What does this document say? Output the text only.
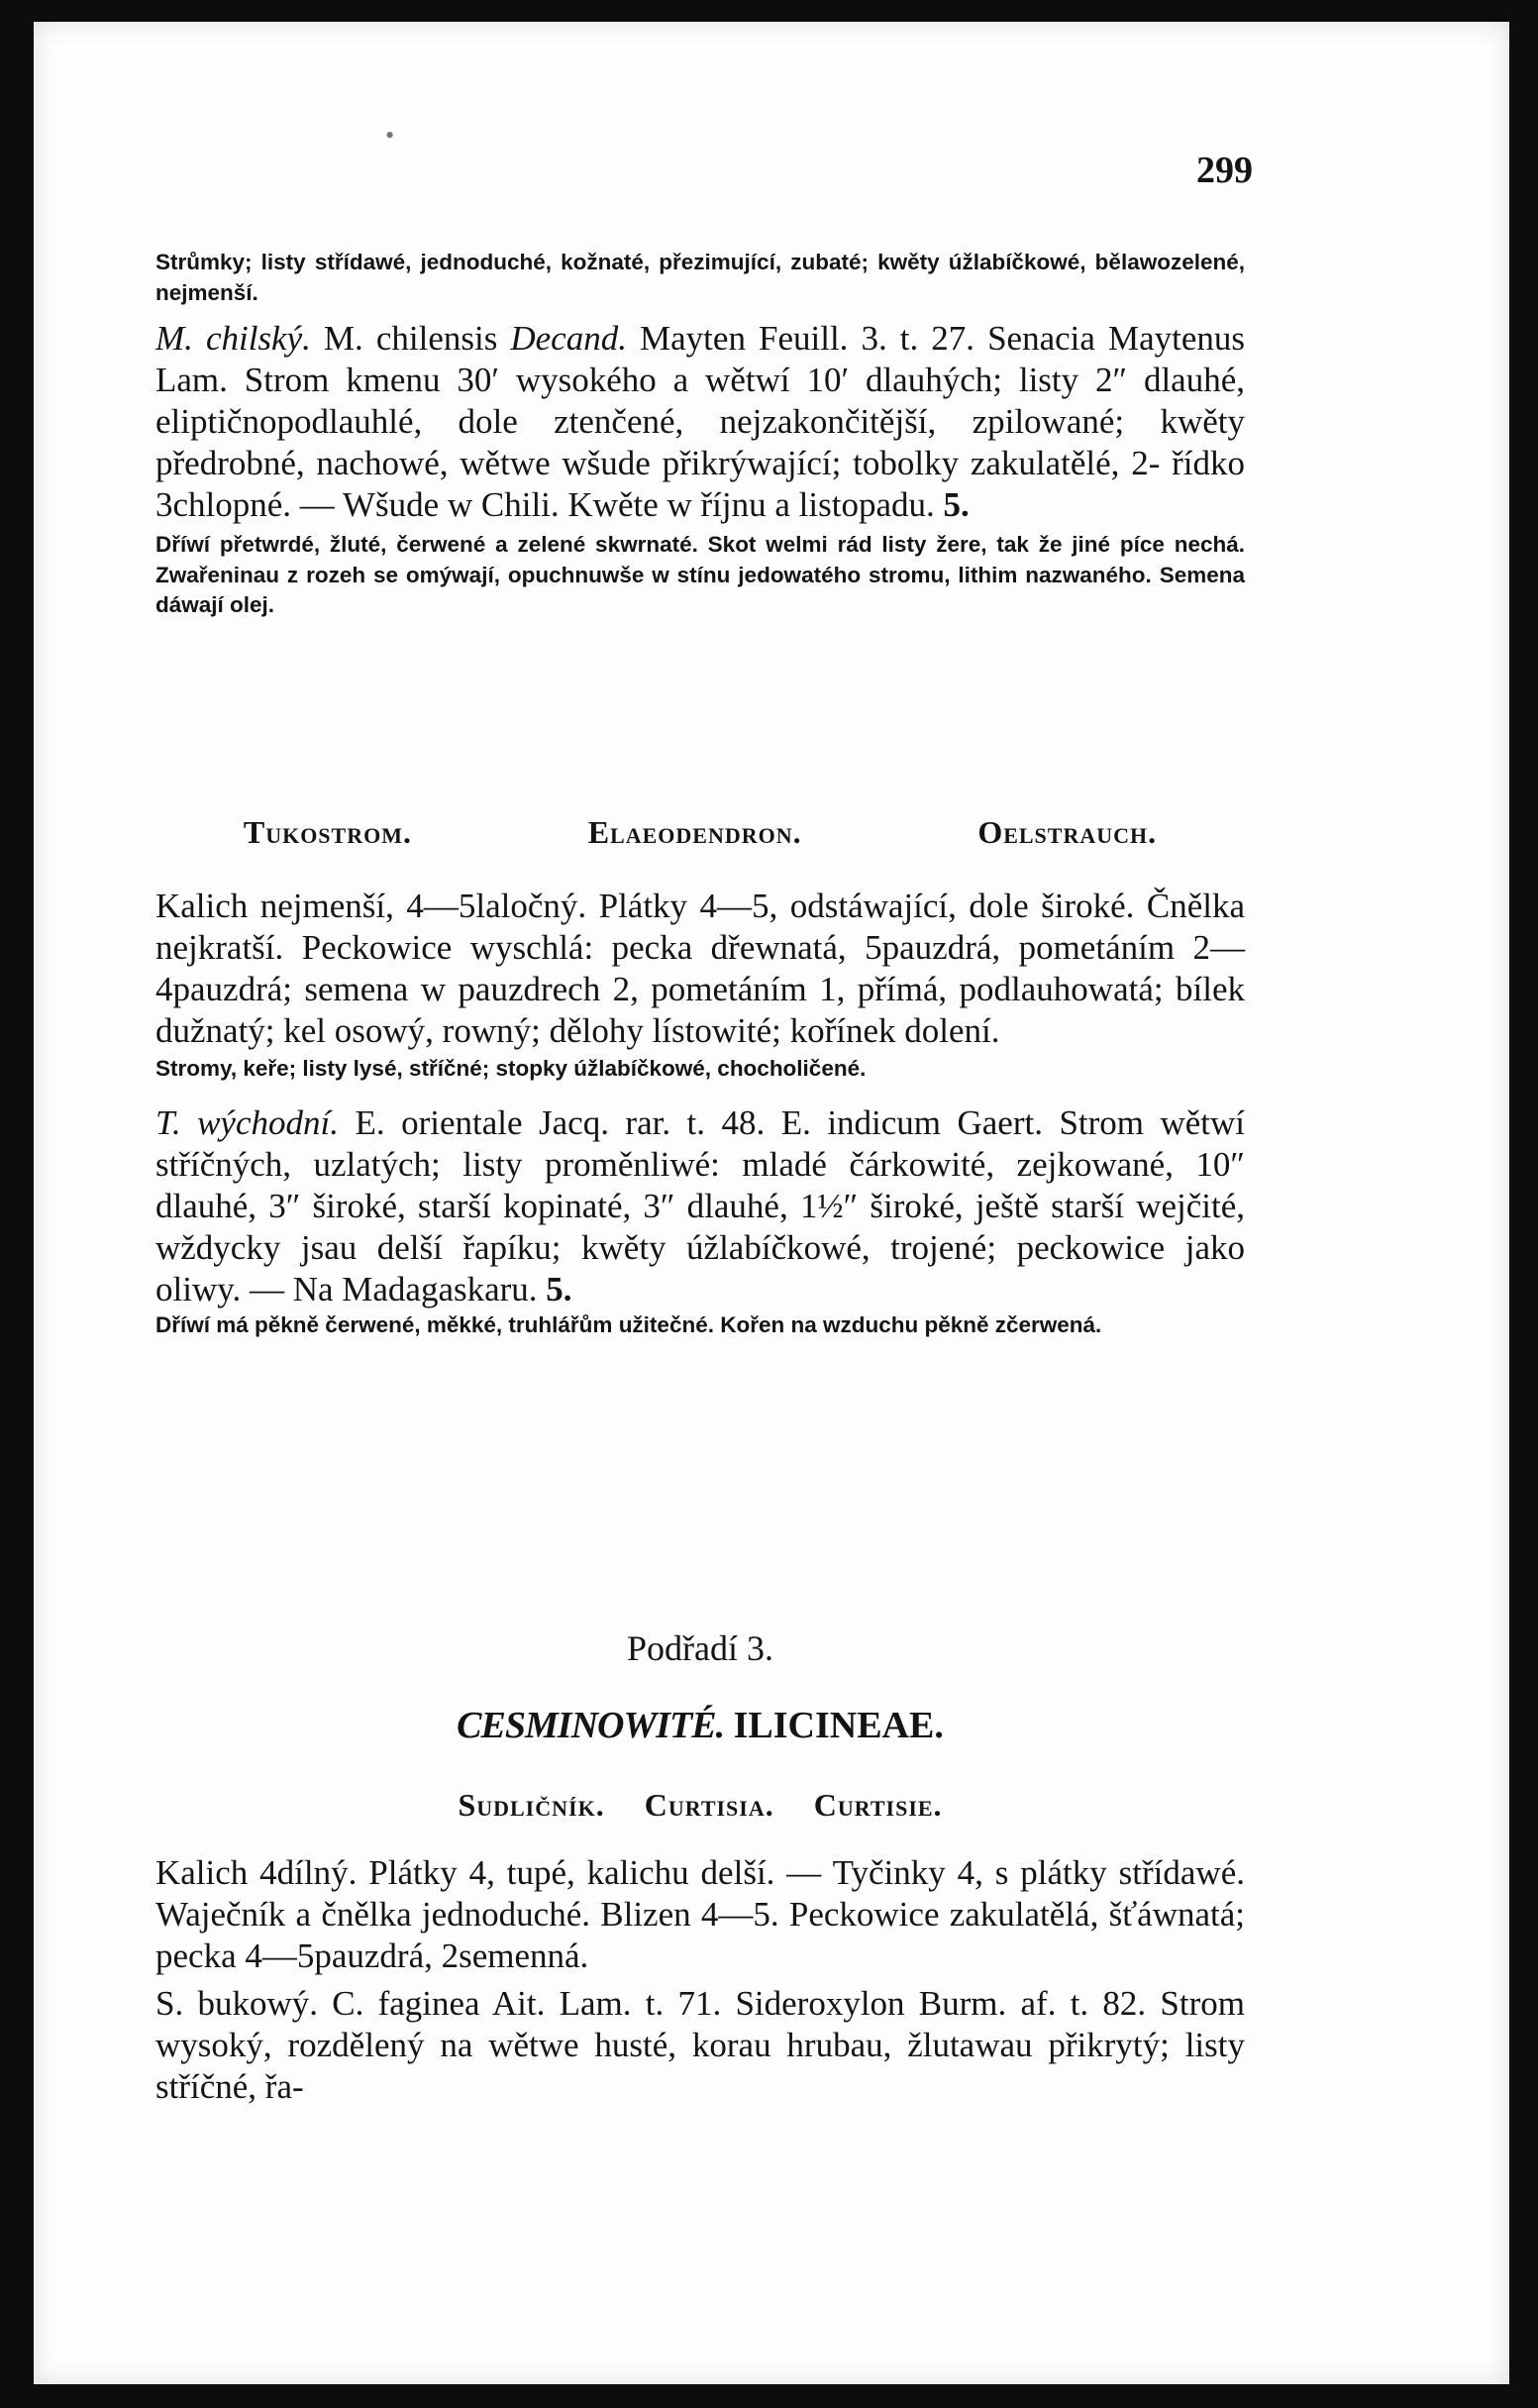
•
299

Strůmky; listy střídawé, jednoduché, kožnaté, přezimující, zubaté; kwěty úžlabíčkowé, bělawozelené, nejmenší.

M. chilský. M. chilensis Decand. Mayten Feuill. 3. t. 27. Senacia Maytenus Lam. Strom kmenu 30′ wysokého a wětwí 10′ dlauhých; listy 2″ dlauhé, eliptičnopodlauhlé, dole ztenčené, nejzakončitější, zpilowané; kwěty předrobné, nachowé, wětwe wšude přikrýwající; tobolky zakulatělé, 2- řídko 3chlopné. — Wšude w Chili. Kwěte w říjnu a listopadu. 5.

Dříwí přetwrdé, žluté, čerwené a zelené skwrnaté. Skot welmi rád listy žere, tak že jiné píce nechá. Zwařeninau z rozeh se omýwají, opuchnuwše w stínu jedowatého stromu, lithim nazwaného. Semena dáwají olej.

Tukostrom.	Elaeodendron.	Oelstrauch.

Kalich nejmenší, 4—5laločný. Plátky 4—5, odstáwající, dole široké. Čnělka nejkratší. Peckowice wyschlá: pecka dřewnatá, 5pauzdrá, pometáním 2—4pauzdrá; semena w pauzdrech 2, pometáním 1, přímá, podlauhowatá; bílek dužnatý; kel osowý, rowný; dělohy lístowité; kořínek dolení.

Stromy, keře; listy lysé, stříčné; stopky úžlabíčkowé, chocholičené.

T. wýchodní. E. orientale Jacq. rar. t. 48. E. indicum Gaert. Strom wětwí stříčných, uzlatých; listy proměnliwé: mladé čárkowité, zejkowané, 10″ dlauhé, 3″ široké, starší kopinaté, 3″ dlauhé, 1½″ široké, ještě starší wejčité, wždycky jsau delší řapíku; kwěty úžlabíčkowé, trojené; peckowice jako oliwy. — Na Madagaskaru. 5.

Dříwí má pěkně čerwené, měkké, truhlářům užitečné. Kořen na wzduchu pěkně zčerwená.

Podřadí 3.

CESMINOWITÉ. ILICINEAE.

Sudličník. Curtisia. Curtisie.

Kalich 4dílný. Plátky 4, tupé, kalichu delší. — Tyčinky 4, s plátky střídawé. Waječník a čnělka jednoduché. Blizen 4—5. Peckowice zakulatělá, šťáwnatá; pecka 4—5pauzdrá, 2semenná.

S. bukowý. C. faginea Ait. Lam. t. 71. Sideroxylon Burm. af. t. 82. Strom wysoký, rozdělený na wětwe husté, korau hrubau, žlutawau přikrytý; listy stříčné, řa-
